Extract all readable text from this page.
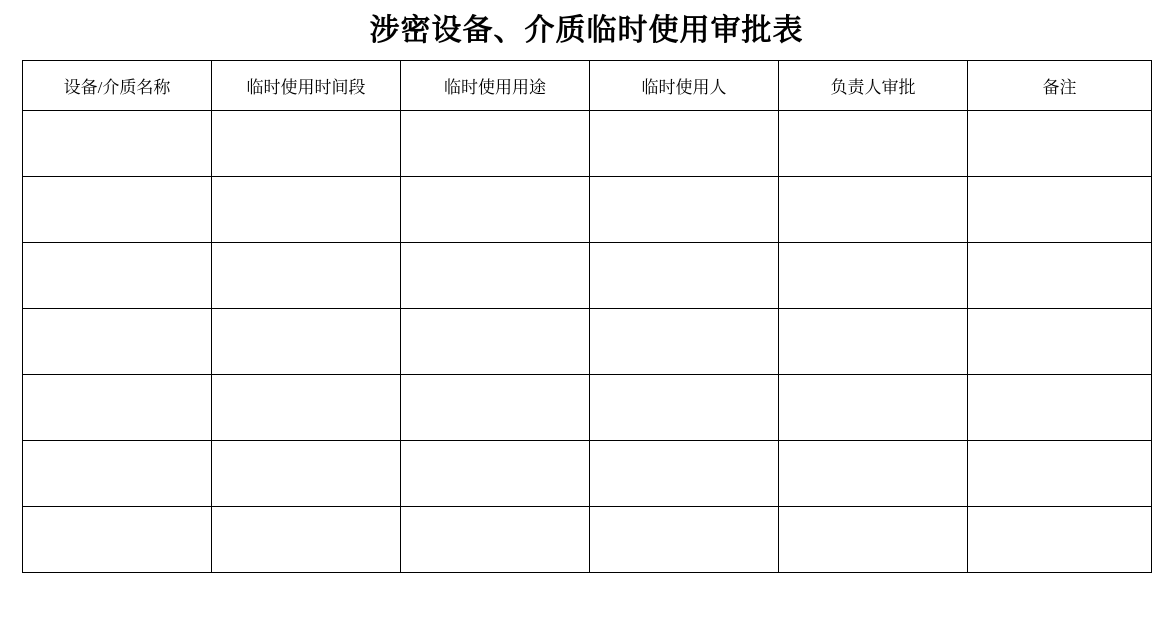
涉密设备、介质临时使用审批表
设备/介质名称	临时使用时间段	临时使用用途	临时使用人	负责人审批	备注
